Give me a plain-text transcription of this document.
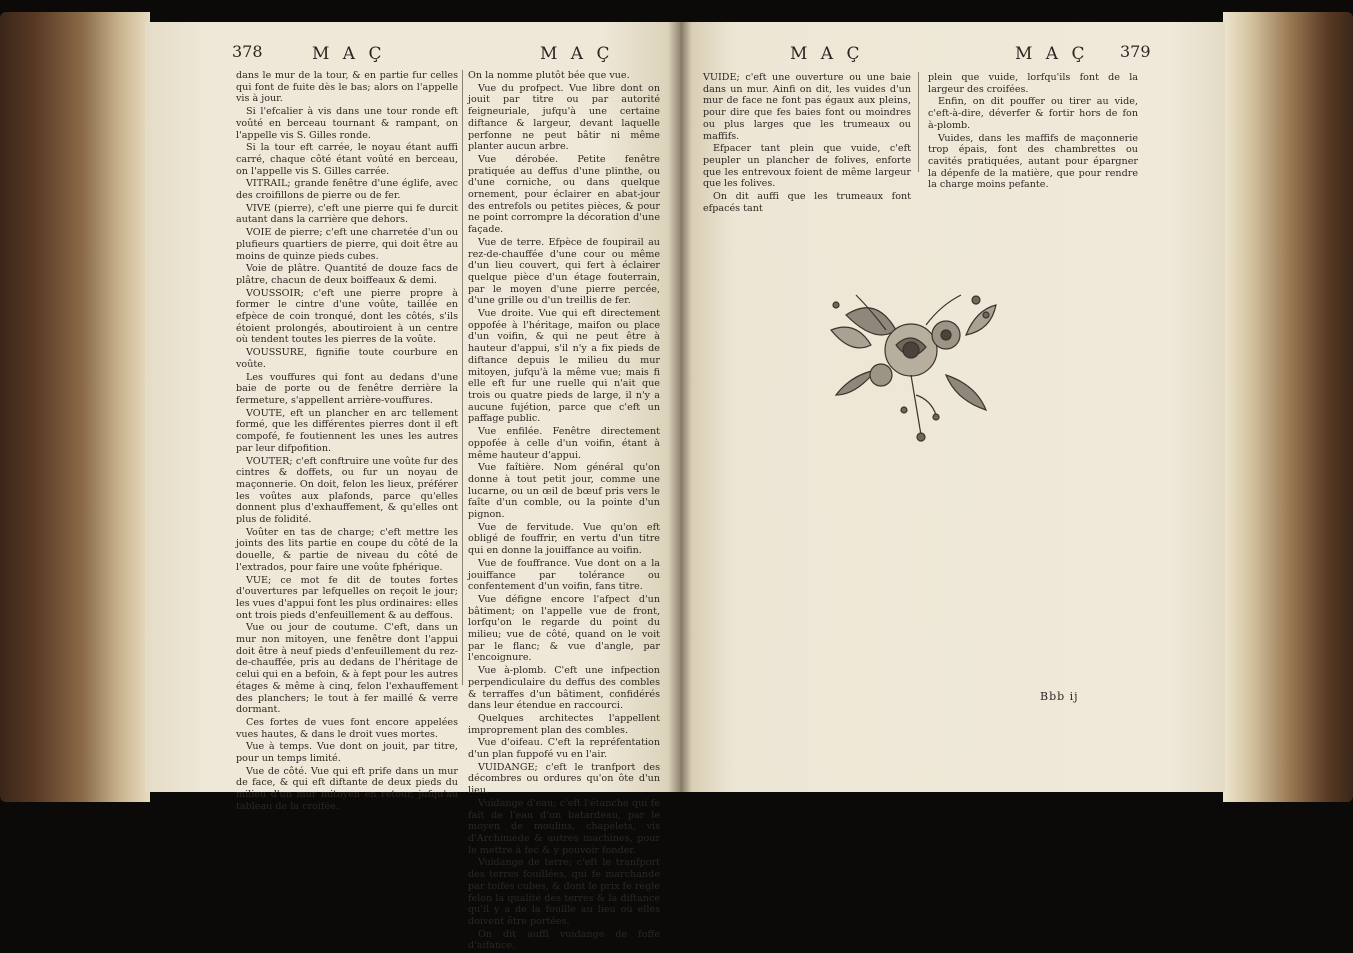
378	M A Ç	M A Ç	M A Ç	M A Ç 379

dans le mur de la tour, & en partie fur celles qui font de fuite dès le bas; alors on l'appelle vis à jour.

Si l'efcalier à vis dans une tour ronde eft voûté en berceau tournant & rampant, on l'appelle vis S. Gilles ronde.

Si la tour eft carrée, le noyau étant auffi carré, chaque côté étant voûté en berceau, on l'appelle vis S. Gilles carrée.

VITRAIL; grande fenêtre d'une églife, avec des croifillons de pierre ou de fer.

VIVE (pierre), c'eft une pierre qui fe durcit autant dans la carrière que dehors.

VOIE de pierre; c'eft une charretée d'un ou plufieurs quartiers de pierre, qui doit être au moins de quinze pieds cubes.

Voie de plâtre. Quantité de douze facs de plâtre, chacun de deux boiffeaux & demi.

VOUSSOIR; c'eft une pierre propre à former le cintre d'une voûte, taillée en efpèce de coin tronqué, dont les côtés, s'ils étoient prolongés, aboutiroient à un centre où tendent toutes les pierres de la voûte.

VOUSSURE, fignifie toute courbure en voûte.

Les vouffures qui font au dedans d'une baie de porte ou de fenêtre derrière la fermeture, s'appellent arrière-vouffures.

VOUTE, eft un plancher en arc tellement formé, que les différentes pierres dont il eft compofé, fe foutiennent les unes les autres par leur difpofition.

VOUTER; c'eft conftruire une voûte fur des cintres & doffets, ou fur un noyau de maçonnerie. On doit, felon les lieux, préférer les voûtes aux plafonds, parce qu'elles donnent plus d'exhauffement, & qu'elles ont plus de folidité.

Voûter en tas de charge; c'eft mettre les joints des lits partie en coupe du côté de la douelle, & partie de niveau du côté de l'extrados, pour faire une voûte fphérique.

VUE; ce mot fe dit de toutes fortes d'ouvertures par lefquelles on reçoit le jour; les vues d'appui font les plus ordinaires: elles ont trois pieds d'enfeuillement & au deffous.

Vue ou jour de coutume. C'eft, dans un mur non mitoyen, une fenêtre dont l'appui doit être à neuf pieds d'enfeuillement du rez-de-chauffée, pris au dedans de l'héritage de celui qui en a befoin, & à fept pour les autres étages & même à cinq, felon l'exhauffement des planchers; le tout à fer maillé & verre dormant.

Ces fortes de vues font encore appelées vues hautes, & dans le droit vues mortes.

Vue à temps. Vue dont on jouit, par titre, pour un temps limité.

Vue de côté. Vue qui eft prife dans un mur de face, & qui eft diftante de deux pieds du milieu d'un mur mitoyen en retour, jufqu'au tableau de la croifée.

On la nomme plutôt bée que vue.

Vue du profpect. Vue libre dont on jouit par titre ou par autorité feigneuriale, jufqu'à une certaine diftance & largeur, devant laquelle perfonne ne peut bâtir ni même planter aucun arbre.

Vue dérobée. Petite fenêtre pratiquée au deffus d'une plinthe, ou d'une corniche, ou dans quelque ornement, pour éclairer en abat-jour des entrefols ou petites pièces, & pour ne point corrompre la décoration d'une façade.

Vue de terre. Efpèce de foupirail au rez-de-chauffée d'une cour ou même d'un lieu couvert, qui fert à éclairer quelque pièce d'un étage fouterrain, par le moyen d'une pierre percée, d'une grille ou d'un treillis de fer.

Vue droite. Vue qui eft directement oppofée à l'héritage, maifon ou place d'un voifin, & qui ne peut être à hauteur d'appui, s'il n'y a fix pieds de diftance depuis le milieu du mur mitoyen, jufqu'à la même vue; mais fi elle eft fur une ruelle qui n'ait que trois ou quatre pieds de large, il n'y a aucune fujétion, parce que c'eft un paffage public.

Vue enfilée. Fenêtre directement oppofée à celle d'un voifin, étant à même hauteur d'appui.

Vue faîtière. Nom général qu'on donne à tout petit jour, comme une lucarne, ou un œil de bœuf pris vers le faîte d'un comble, ou la pointe d'un pignon.

Vue de fervitude. Vue qu'on eft obligé de fouffrir, en vertu d'un titre qui en donne la jouiffance au voifin.

Vue de fouffrance. Vue dont on a la jouiffance par tolérance ou confentement d'un voifin, fans titre.

Vue défigne encore l'afpect d'un bâtiment; on l'appelle vue de front, lorfqu'on le regarde du point du milieu; vue de côté, quand on le voit par le flanc; & vue d'angle, par l'encoignure.

Vue à-plomb. C'eft une infpection perpendiculaire du deffus des combles & terraffes d'un bâtiment, confidérés dans leur étendue en raccourci.

Quelques architectes l'appellent improprement plan des combles.

Vue d'oifeau. C'eft la repréfentation d'un plan fuppofé vu en l'air.

VUIDANGE; c'eft le tranfport des décombres ou ordures qu'on ôte d'un lieu.

Vuidange d'eau; c'eft l'étanche qui fe fait de l'eau d'un batardeau, par le moyen de moulins, chapelets, vis d'Archimède & autres machines, pour le mettre à fec & y pouvoir fonder.

Vuidange de terre; c'eft le tranfport des terres fouillées, qui fe marchande par toifes cubes, & dont le prix fe règle felon la qualité des terres & la diftance qu'il y a de la fouille au lieu où elles doivent être portées.

On dit auffi vuidange de foffe d'aifance.

VUIDE; c'eft une ouverture ou une baie dans un mur. Ainfi on dit, les vuides d'un mur de face ne font pas égaux aux pleins, pour dire que fes baies font ou moindres ou plus larges que les trumeaux ou maffifs.

Efpacer tant plein que vuide, c'eft peupler un plancher de folives, enforte que les entrevoux foient de même largeur que les folives.

On dit auffi que les trumeaux font efpacés tant

plein que vuide, lorfqu'ils font de la largeur des croifées.

Enfin, on dit pouffer ou tirer au vide, c'eft-à-dire, déverfer & fortir hors de fon à-plomb.

Vuides, dans les maffifs de maçonnerie trop épais, font des chambrettes ou cavités pratiquées, autant pour épargner la dépenfe de la matière, que pour rendre la charge moins pefante.

Bbb ij
